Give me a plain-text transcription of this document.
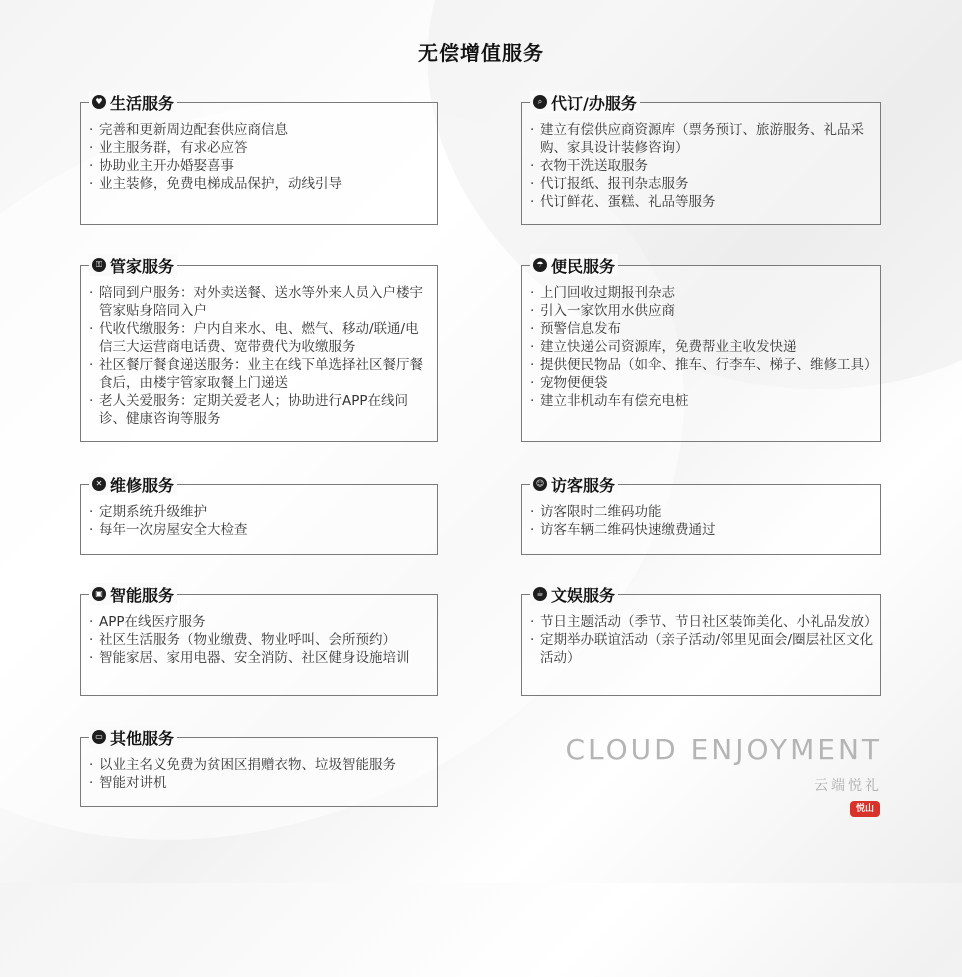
无偿增值服务
♥ 生活服务
· 完善和更新周边配套供应商信息
· 业主服务群，有求必应答
· 协助业主开办婚娶喜事
· 业主装修，免费电梯成品保护，动线引导
⚿ 管家服务
· 陪同到户服务：对外卖送餐、送水等外来人员入户楼宇管家贴身陪同入户
· 代收代缴服务：户内自来水、电、燃气、移动/联通/电信三大运营商电话费、宽带费代为收缴服务
· 社区餐厅餐食递送服务：业主在线下单选择社区餐厅餐食后，由楼宇管家取餐上门递送
· 老人关爱服务：定期关爱老人；协助进行APP在线问诊、健康咨询等服务
✕ 维修服务
· 定期系统升级维护
· 每年一次房屋安全大检查
▣ 智能服务
· APP在线医疗服务
· 社区生活服务（物业缴费、物业呼叫、会所预约）
· 智能家居、家用电器、安全消防、社区健身设施培训
▭ 其他服务
· 以业主名义免费为贫困区捐赠衣物、垃圾智能服务
· 智能对讲机
⌕ 代订/办服务
· 建立有偿供应商资源库（票务预订、旅游服务、礼品采购、家具设计装修咨询）
· 衣物干洗送取服务
· 代订报纸、报刊杂志服务
· 代订鲜花、蛋糕、礼品等服务
☂ 便民服务
· 上门回收过期报刊杂志
· 引入一家饮用水供应商
· 预警信息发布
· 建立快递公司资源库，免费帮业主收发快递
· 提供便民物品（如伞、推车、行李车、梯子、维修工具）
· 宠物便便袋
· 建立非机动车有偿充电桩
☺ 访客服务
· 访客限时二维码功能
· 访客车辆二维码快速缴费通过
☕ 文娱服务
· 节日主题活动（季节、节日社区装饰美化、小礼品发放）
· 定期举办联谊活动（亲子活动/邻里见面会/圈层社区文化活动）
CLOUD ENJOYMENT
云端悦礼
悦山
